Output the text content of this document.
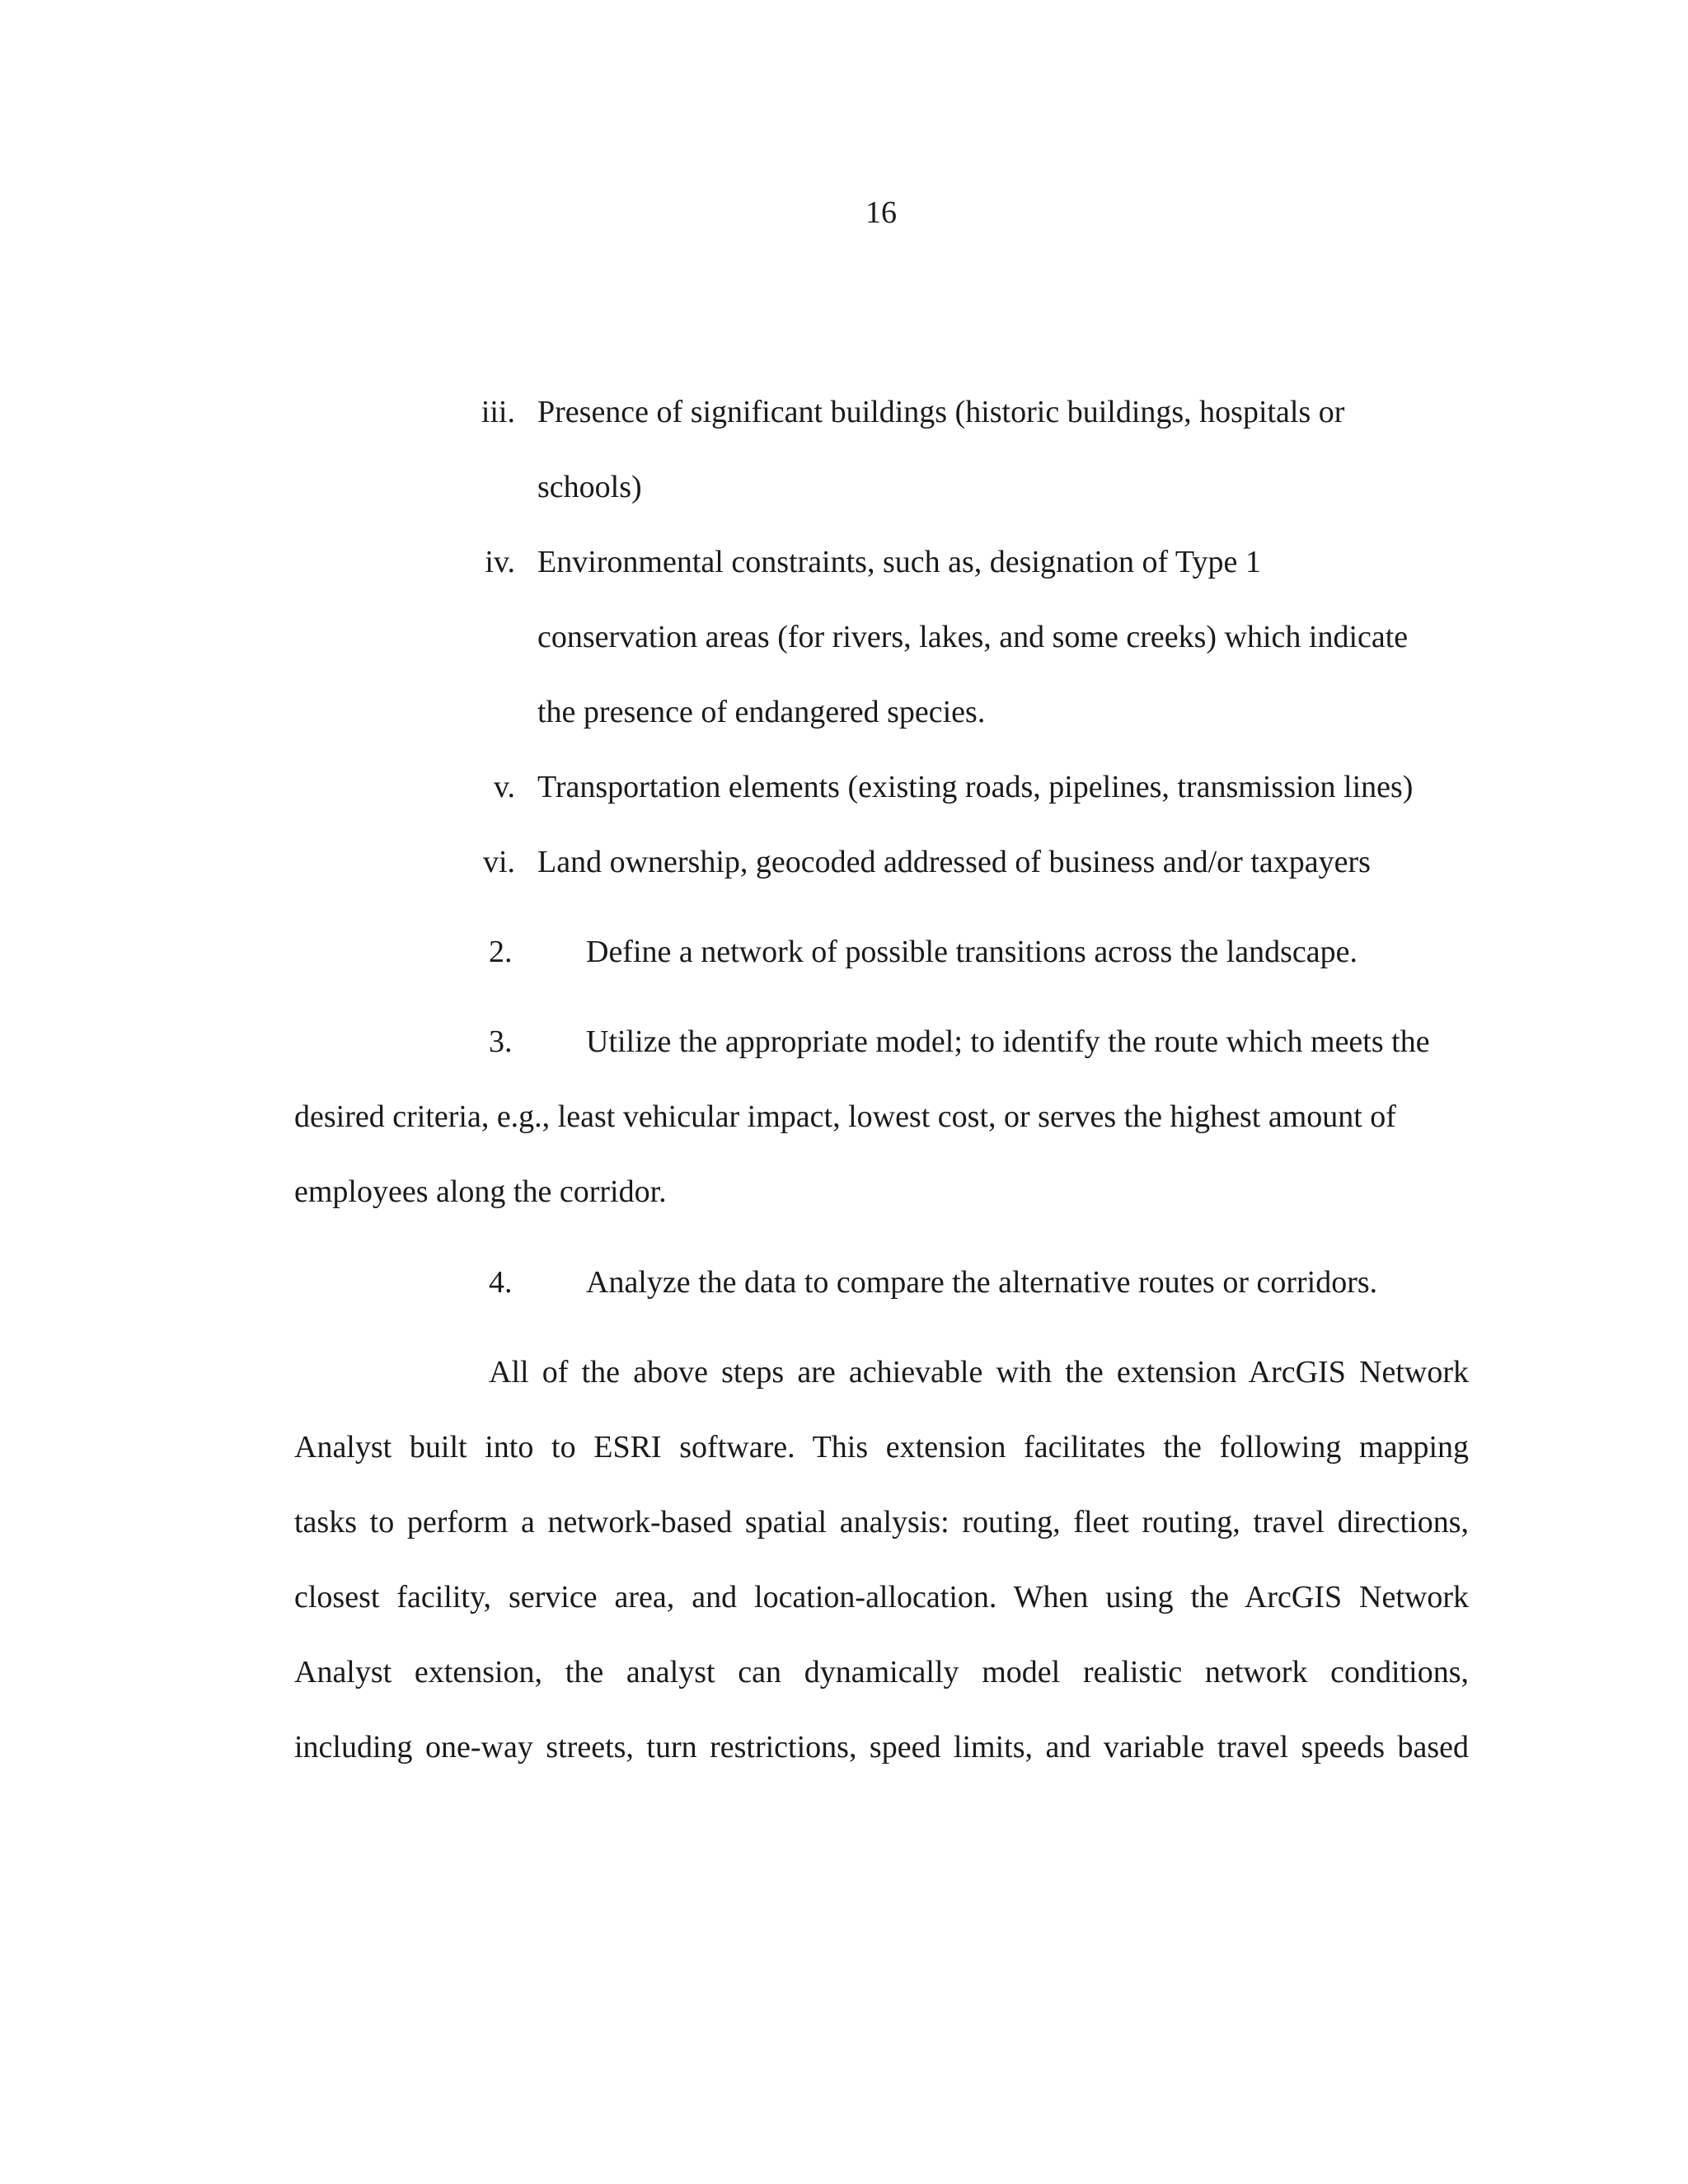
16
iii. Presence of significant buildings (historic buildings, hospitals or
schools)
iv. Environmental constraints, such as, designation of Type 1
conservation areas (for rivers, lakes, and some creeks) which indicate
the presence of endangered species.
v. Transportation elements (existing roads, pipelines, transmission lines)
vi. Land ownership, geocoded addressed of business and/or taxpayers
2. Define a network of possible transitions across the landscape.
3. Utilize the appropriate model; to identify the route which meets the
desired criteria, e.g., least vehicular impact, lowest cost, or serves the highest amount of
employees along the corridor.
4. Analyze the data to compare the alternative routes or corridors.
All of the above steps are achievable with the extension ArcGIS Network
Analyst built into to ESRI software. This extension facilitates the following mapping
tasks to perform a network-based spatial analysis: routing, fleet routing, travel directions,
closest facility, service area, and location-allocation. When using the ArcGIS Network
Analyst extension, the analyst can dynamically model realistic network conditions,
including one-way streets, turn restrictions, speed limits, and variable travel speeds based
